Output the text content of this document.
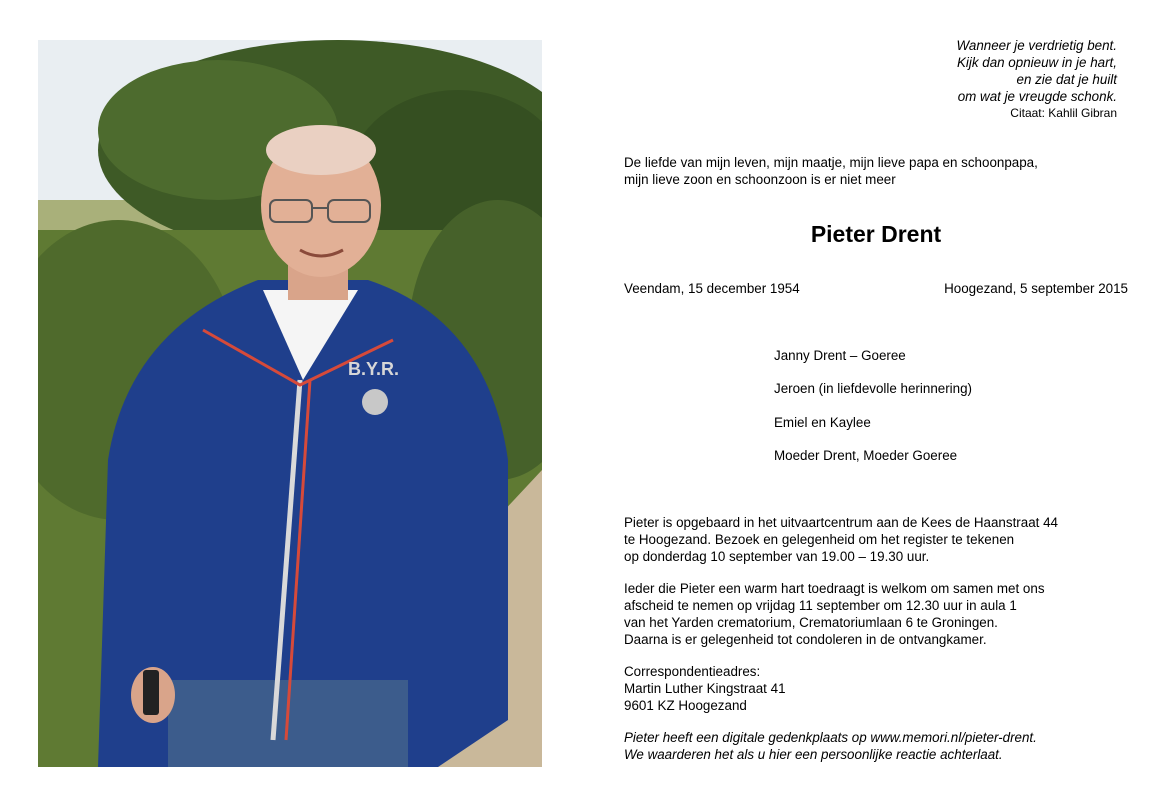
B.Y.R.
Wanneer je verdrietig bent.
Kijk dan opnieuw in je hart,
en zie dat je huilt
om wat je vreugde schonk.
Citaat: Kahlil Gibran
De liefde van mijn leven, mijn maatje, mijn lieve papa en schoonpapa,
mijn lieve zoon en schoonzoon is er niet meer
Pieter Drent
Veendam, 15 december 1954	Hoogezand, 5 september 2015
Janny Drent – Goeree
Jeroen (in liefdevolle herinnering)
Emiel en Kaylee
Moeder Drent, Moeder Goeree
Pieter is opgebaard in het uitvaartcentrum aan de Kees de Haanstraat 44
te Hoogezand. Bezoek en gelegenheid om het register te tekenen
op donderdag 10 september van 19.00 – 19.30 uur.
Ieder die Pieter een warm hart toedraagt is welkom om samen met ons
afscheid te nemen op vrijdag 11 september om 12.30 uur in aula 1
van het Yarden crematorium, Crematoriumlaan 6 te Groningen.
Daarna is er gelegenheid tot condoleren in de ontvangkamer.
Correspondentieadres:
Martin Luther Kingstraat 41
9601 KZ Hoogezand
Pieter heeft een digitale gedenkplaats op www.memori.nl/pieter-drent.
We waarderen het als u hier een persoonlijke reactie achterlaat.
